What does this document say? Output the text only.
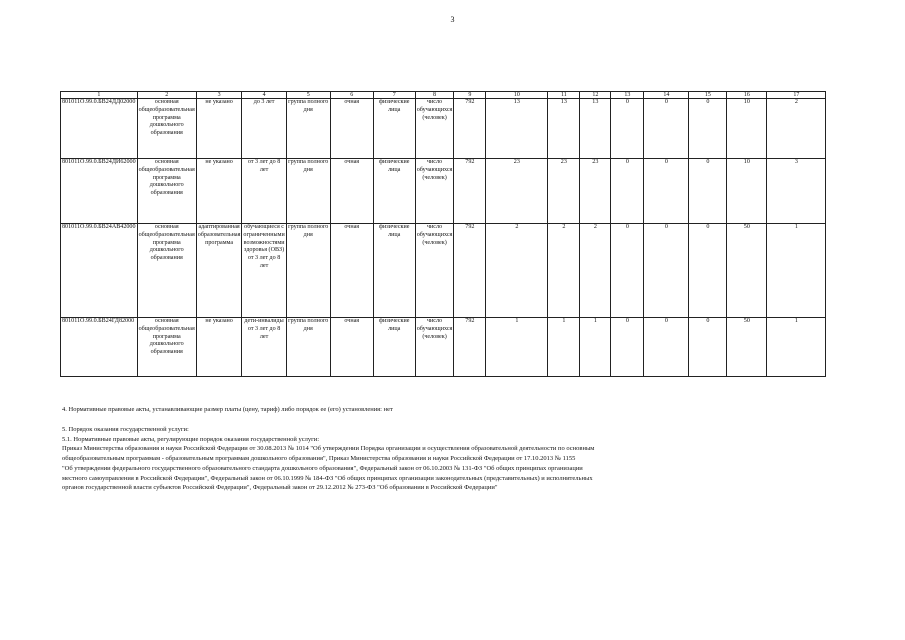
3
1	2	3	4	5	6	7	8	9	10	11	12	13	14	15	16	17
801011О.99.0.БВ24ДД02000	основная общеобразовательная программа дошкольного образования	не указано	до 3 лет	группа полного дня	очная	физические лица	число обучающихся (человек)	792	13	13	13	0	0	0	10	2
801011О.99.0.БВ24ДИ62000	основная общеобразовательная программа дошкольного образования	не указано	от 3 лет до 8 лет	группа полного дня	очная	физические лица	число обучающихся (человек)	792	23	23	23	0	0	0	10	3
801011О.99.0.БВ24АВ42000	основная общеобразовательная программа дошкольного образования	адаптированная образовательная программа	обучающиеся с ограниченными возможностями здоровья (ОВЗ) от 3 лет до 8 лет	группа полного дня	очная	физические лица	число обучающихся (человек)	792	2	2	2	0	0	0	50	1
801011О.99.0.БВ24ГД82000	основная общеобразовательная программа дошкольного образования	не указано	дети-инвалиды от 3 лет до 8 лет	группа полного дня	очная	физические лица	число обучающихся (человек)	792	1	1	1	0	0	0	50	1

4. Нормативные правовые акты, устанавливающие размер платы (цену, тариф) либо порядок ее (его) установления: нет

5. Порядок оказания государственной услуги:

5.1. Нормативные правовые акты, регулирующие порядок оказания государственной услуги:

Приказ Министерства образования и науки Российской Федерации от 30.08.2013 № 1014 "Об утверждении Порядка организации и осуществления образовательной деятельности по основным

общеобразовательным программам - образовательным программам дошкольного образования", Приказ Министерства образования и науки Российской Федерации от 17.10.2013 № 1155

"Об утверждении федерального государственного образовательного стандарта дошкольного образования", Федеральный закон от 06.10.2003 № 131-ФЗ "Об общих принципах организации

местного самоуправления в Российской Федерации", Федеральный закон от 06.10.1999 № 184-ФЗ "Об общих принципах организации законодательных (представительных) и исполнительных

органов государственной власти субъектов Российской Федерации", Федеральный закон от 29.12.2012 № 273-ФЗ "Об образовании в Российской Федерации"
